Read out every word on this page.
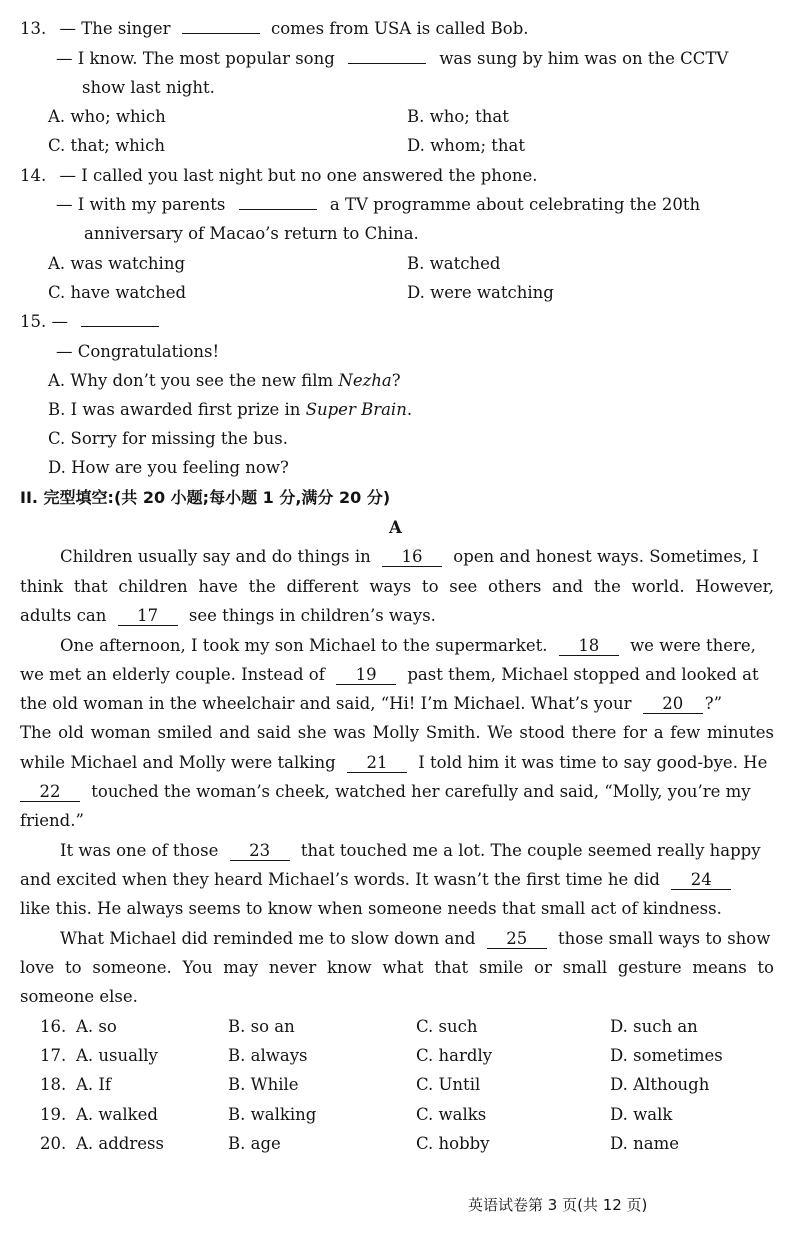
13. — The singer	comes from USA is called Bob.
— I know. The most popular song	was sung by him was on the CCTV
show last night.
A. who; which	B. who; that
C. that; which	D. whom; that
14. — I called you last night but no one answered the phone.
— I with my parents	a TV programme about celebrating the 20th
anniversary of Macao’s return to China.
A. was watching	B. watched
C. have watched	D. were watching
15. —
— Congratulations!
A. Why don’t you see the new film Nezha?
B. I was awarded first prize in Super Brain.
C. Sorry for missing the bus.
D. How are you feeling now?
II. 完型填空:(共 20 小题;每小题 1 分,满分 20 分)
A
Children usually say and do things in 16 open and honest ways. Sometimes, I
think that children have the different ways to see others and the world. However,
adults can 17 see things in children’s ways.
One afternoon, I took my son Michael to the supermarket. 18 we were there,
we met an elderly couple. Instead of 19 past them, Michael stopped and looked at
the old woman in the wheelchair and said, “Hi! I’m Michael. What’s your 20 ?”
The old woman smiled and said she was Molly Smith. We stood there for a few minutes
while Michael and Molly were talking 21 I told him it was time to say good-bye. He
22 touched the woman’s cheek, watched her carefully and said, “Molly, you’re my
friend.”
It was one of those 23 that touched me a lot. The couple seemed really happy
and excited when they heard Michael’s words. It wasn’t the first time he did 24
like this. He always seems to know when someone needs that small act of kindness.
What Michael did reminded me to slow down and 25 those small ways to show
love to someone. You may never know what that smile or small gesture means to
someone else.
16. A. so	B. so an	C. such	D. such an
17. A. usually	B. always	C. hardly	D. sometimes
18. A. If	B. While	C. Until	D. Although
19. A. walked	B. walking	C. walks	D. walk
20. A. address	B. age	C. hobby	D. name
英语试卷第 3 页(共 12 页)
